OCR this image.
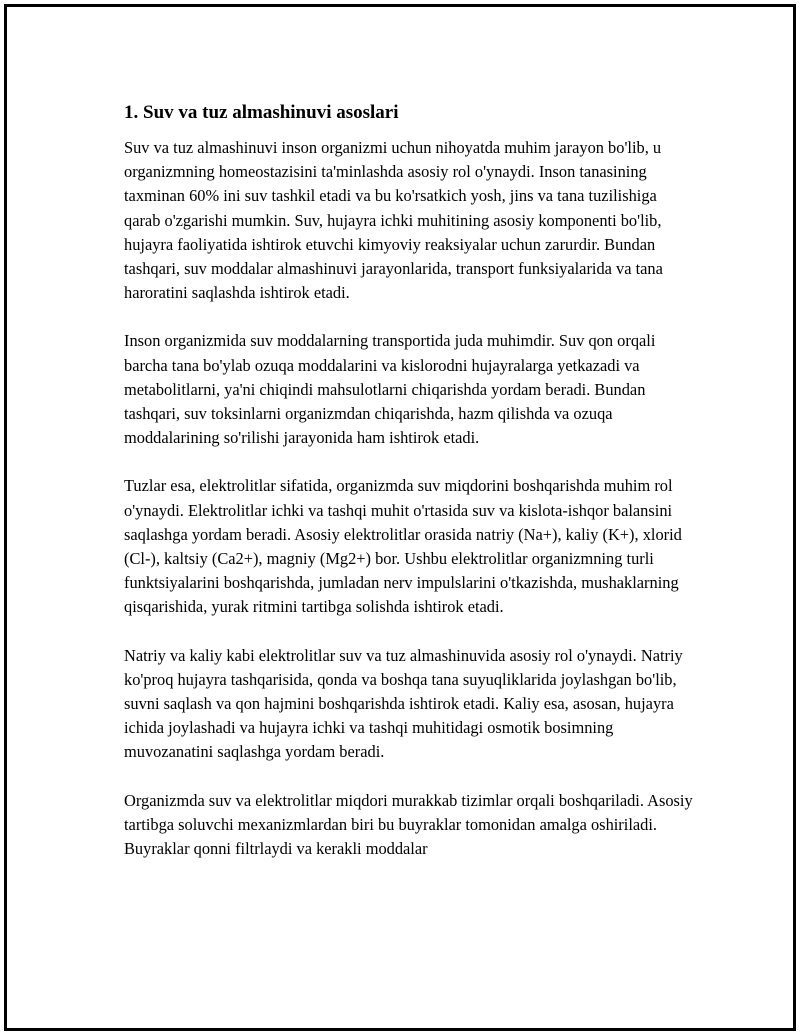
1. Suv va tuz almashinuvi asoslari

Suv va tuz almashinuvi inson organizmi uchun nihoyatda muhim jarayon bo'lib, u organizmning homeostazisini ta'minlashda asosiy rol o'ynaydi. Inson tanasining taxminan 60% ini suv tashkil etadi va bu ko'rsatkich yosh, jins va tana tuzilishiga qarab o'zgarishi mumkin. Suv, hujayra ichki muhitining asosiy komponenti bo'lib, hujayra faoliyatida ishtirok etuvchi kimyoviy reaksiyalar uchun zarurdir. Bundan tashqari, suv moddalar almashinuvi jarayonlarida, transport funksiyalarida va tana haroratini saqlashda ishtirok etadi.

Inson organizmida suv moddalarning transportida juda muhimdir. Suv qon orqali barcha tana bo'ylab ozuqa moddalarini va kislorodni hujayralarga yetkazadi va metabolitlarni, ya'ni chiqindi mahsulotlarni chiqarishda yordam beradi. Bundan tashqari, suv toksinlarni organizmdan chiqarishda, hazm qilishda va ozuqa moddalarining so'rilishi jarayonida ham ishtirok etadi.

Tuzlar esa, elektrolitlar sifatida, organizmda suv miqdorini boshqarishda muhim rol o'ynaydi. Elektrolitlar ichki va tashqi muhit o'rtasida suv va kislota-ishqor balansini saqlashga yordam beradi. Asosiy elektrolitlar orasida natriy (Na+), kaliy (K+), xlorid (Cl-), kaltsiy (Ca2+), magniy (Mg2+) bor. Ushbu elektrolitlar organizmning turli funktsiyalarini boshqarishda, jumladan nerv impulslarini o'tkazishda, mushaklarning qisqarishida, yurak ritmini tartibga solishda ishtirok etadi.

Natriy va kaliy kabi elektrolitlar suv va tuz almashinuvida asosiy rol o'ynaydi. Natriy ko'proq hujayra tashqarisida, qonda va boshqa tana suyuqliklarida joylashgan bo'lib, suvni saqlash va qon hajmini boshqarishda ishtirok etadi. Kaliy esa, asosan, hujayra ichida joylashadi va hujayra ichki va tashqi muhitidagi osmotik bosimning muvozanatini saqlashga yordam beradi.

Organizmda suv va elektrolitlar miqdori murakkab tizimlar orqali boshqariladi. Asosiy tartibga soluvchi mexanizmlardan biri bu buyraklar tomonidan amalga oshiriladi. Buyraklar qonni filtrlaydi va kerakli moddalar
